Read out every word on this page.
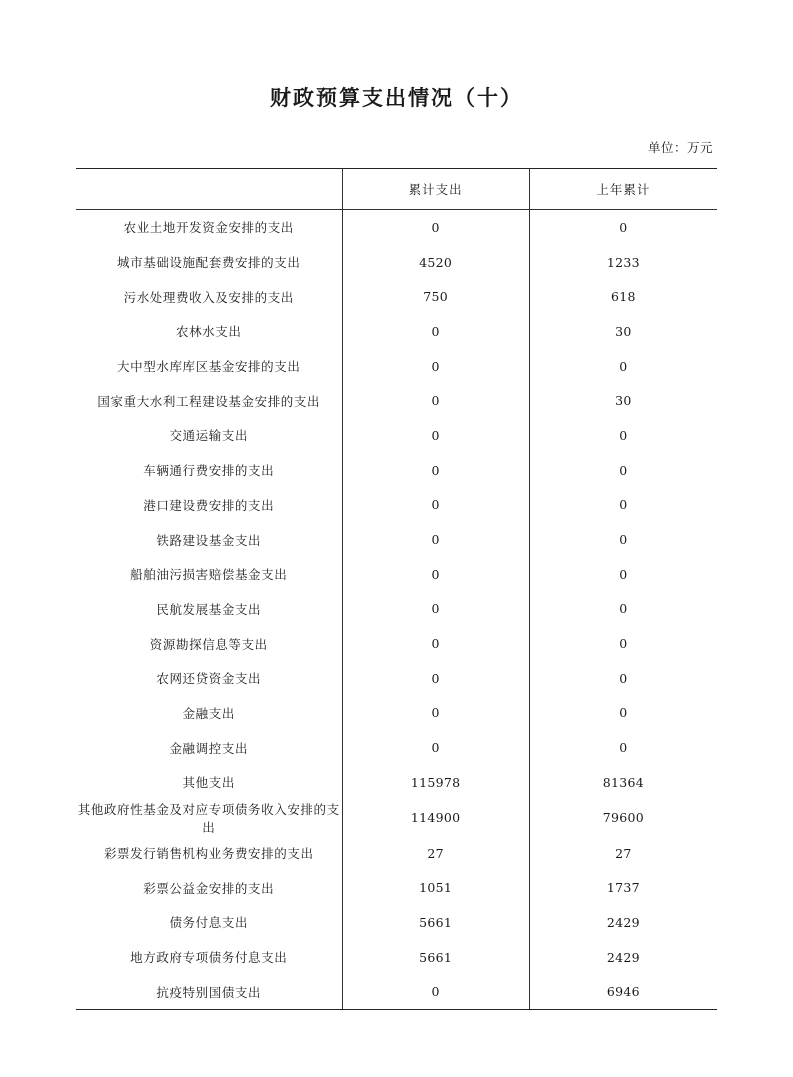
财政预算支出情况（十）
单位：万元
	累计支出	上年累计
农业土地开发资金安排的支出	0	0
城市基础设施配套费安排的支出	4520	1233
污水处理费收入及安排的支出	750	618
农林水支出	0	30
大中型水库库区基金安排的支出	0	0
国家重大水利工程建设基金安排的支出	0	30
交通运输支出	0	0
车辆通行费安排的支出	0	0
港口建设费安排的支出	0	0
铁路建设基金支出	0	0
船舶油污损害赔偿基金支出	0	0
民航发展基金支出	0	0
资源勘探信息等支出	0	0
农网还贷资金支出	0	0
金融支出	0	0
金融调控支出	0	0
其他支出	115978	81364
其他政府性基金及对应专项债务收入安排的支出	114900	79600
彩票发行销售机构业务费安排的支出	27	27
彩票公益金安排的支出	1051	1737
债务付息支出	5661	2429
地方政府专项债务付息支出	5661	2429
抗疫特别国债支出	0	6946
